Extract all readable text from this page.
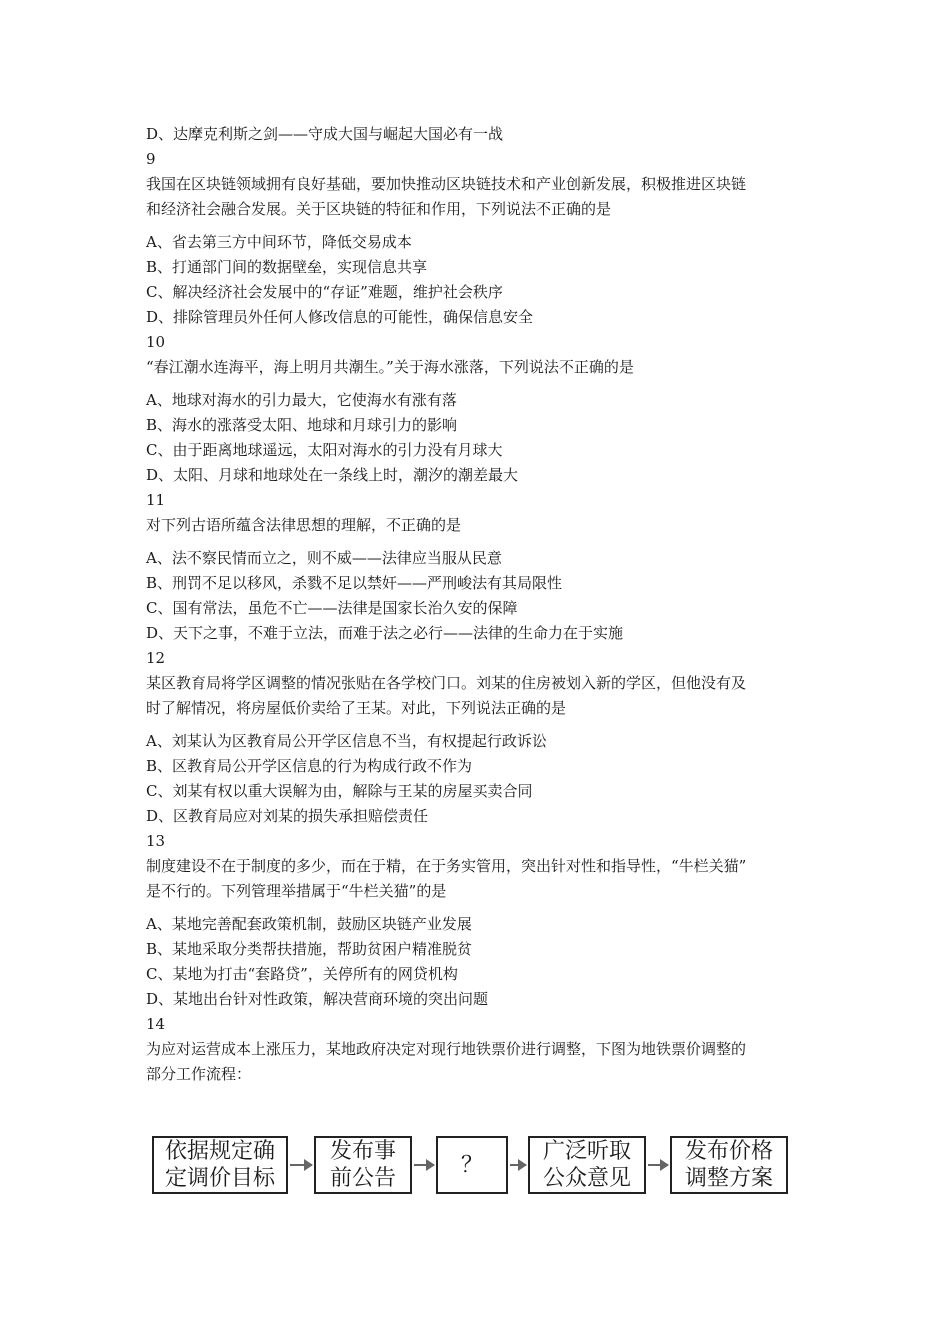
D、达摩克利斯之剑——守成大国与崛起大国必有一战
9
我国在区块链领域拥有良好基础，要加快推动区块链技术和产业创新发展，积极推进区块链
和经济社会融合发展。关于区块链的特征和作用，下列说法不正确的是
A、省去第三方中间环节，降低交易成本
B、打通部门间的数据壁垒，实现信息共享
C、解决经济社会发展中的“存证”难题，维护社会秩序
D、排除管理员外任何人修改信息的可能性，确保信息安全
10
“春江潮水连海平，海上明月共潮生。”关于海水涨落，下列说法不正确的是
A、地球对海水的引力最大，它使海水有涨有落
B、海水的涨落受太阳、地球和月球引力的影响
C、由于距离地球遥远，太阳对海水的引力没有月球大
D、太阳、月球和地球处在一条线上时，潮汐的潮差最大
11
对下列古语所蕴含法律思想的理解，不正确的是
A、法不察民情而立之，则不威——法律应当服从民意
B、刑罚不足以移风，杀戮不足以禁奸——严刑峻法有其局限性
C、国有常法，虽危不亡——法律是国家长治久安的保障
D、天下之事，不难于立法，而难于法之必行——法律的生命力在于实施
12
某区教育局将学区调整的情况张贴在各学校门口。刘某的住房被划入新的学区，但他没有及
时了解情况，将房屋低价卖给了王某。对此，下列说法正确的是
A、刘某认为区教育局公开学区信息不当，有权提起行政诉讼
B、区教育局公开学区信息的行为构成行政不作为
C、刘某有权以重大误解为由，解除与王某的房屋买卖合同
D、区教育局应对刘某的损失承担赔偿责任
13
制度建设不在于制度的多少，而在于精，在于务实管用，突出针对性和指导性，“牛栏关猫”
是不行的。下列管理举措属于“牛栏关猫”的是
A、某地完善配套政策机制，鼓励区块链产业发展
B、某地采取分类帮扶措施，帮助贫困户精准脱贫
C、某地为打击“套路贷”，关停所有的网贷机构
D、某地出台针对性政策，解决营商环境的突出问题
14
为应对运营成本上涨压力，某地政府决定对现行地铁票价进行调整，下图为地铁票价调整的
部分工作流程：
依据规定确
定调价目标
发布事
前公告
？
广泛听取
公众意见
发布价格
调整方案
